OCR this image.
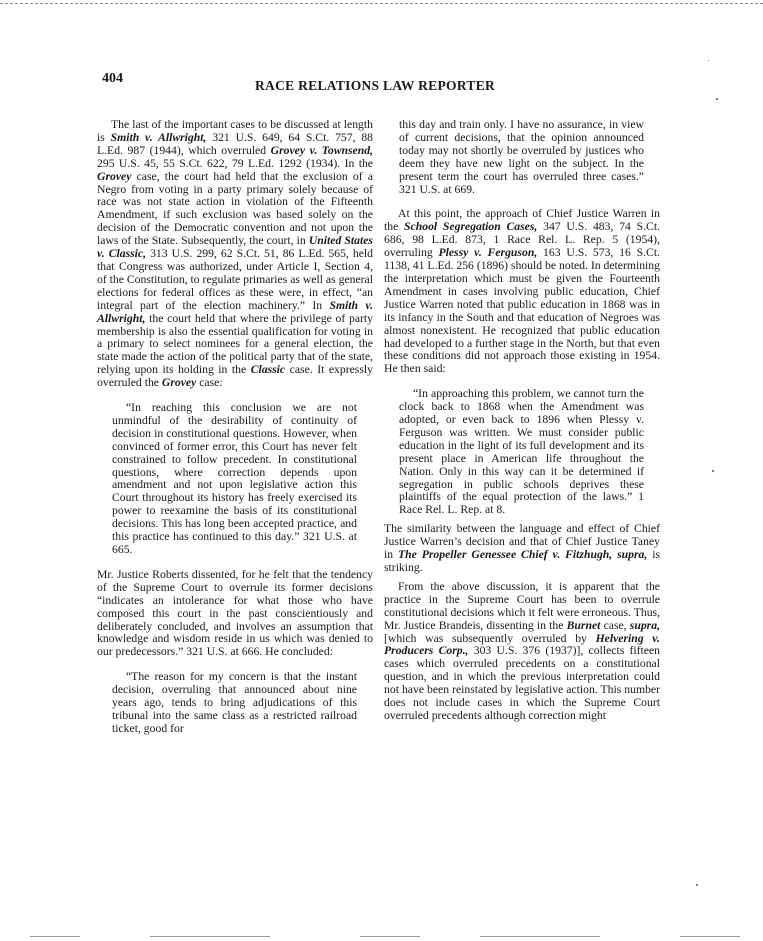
404	RACE RELATIONS LAW REPORTER

The last of the important cases to be discussed at length is Smith v. Allwright, 321 U.S. 649, 64 S.Ct. 757, 88 L.Ed. 987 (1944), which overruled Grovey v. Townsend, 295 U.S. 45, 55 S.Ct. 622, 79 L.Ed. 1292 (1934). In the Grovey case, the court had held that the exclusion of a Negro from voting in a party primary solely because of race was not state action in violation of the Fifteenth Amendment, if such exclusion was based solely on the decision of the Democratic convention and not upon the laws of the State. Subsequently, the court, in United States v. Classic, 313 U.S. 299, 62 S.Ct. 51, 86 L.Ed. 565, held that Congress was authorized, under Article I, Section 4, of the Constitution, to regulate primaries as well as general elections for federal offices as these were, in effect, “an integral part of the election machinery.” In Smith v. Allwright, the court held that where the privilege of party membership is also the essential qualification for voting in a primary to select nominees for a general election, the state made the action of the political party that of the state, relying upon its holding in the Classic case. It expressly overruled the Grovey case:

“In reaching this conclusion we are not unmindful of the desirability of continuity of decision in constitutional questions. However, when convinced of former error, this Court has never felt constrained to follow precedent. In constitutional questions, where correction depends upon amendment and not upon legislative action this Court throughout its history has freely exercised its power to reexamine the basis of its constitutional decisions. This has long been accepted practice, and this practice has continued to this day.” 321 U.S. at 665.

Mr. Justice Roberts dissented, for he felt that the tendency of the Supreme Court to overrule its former decisions “indicates an intolerance for what those who have composed this court in the past conscientiously and deliberately concluded, and involves an assumption that knowledge and wisdom reside in us which was denied to our predecessors.” 321 U.S. at 666. He concluded:

“The reason for my concern is that the instant decision, overruling that announced about nine years ago, tends to bring adjudications of this tribunal into the same class as a restricted railroad ticket, good for

this day and train only. I have no assurance, in view of current decisions, that the opinion announced today may not shortly be overruled by justices who deem they have new light on the subject. In the present term the court has overruled three cases.” 321 U.S. at 669.

At this point, the approach of Chief Justice Warren in the School Segregation Cases, 347 U.S. 483, 74 S.Ct. 686, 98 L.Ed. 873, 1 Race Rel. L. Rep. 5 (1954), overruling Plessy v. Ferguson, 163 U.S. 573, 16 S.Ct. 1138, 41 L.Ed. 256 (1896) should be noted. In determining the interpretation which must be given the Fourteenth Amendment in cases involving public education, Chief Justice Warren noted that public education in 1868 was in its infancy in the South and that education of Negroes was almost nonexistent. He recognized that public education had developed to a further stage in the North, but that even these conditions did not approach those existing in 1954. He then said:

“In approaching this problem, we cannot turn the clock back to 1868 when the Amendment was adopted, or even back to 1896 when Plessy v. Ferguson was written. We must consider public education in the light of its full development and its present place in American life throughout the Nation. Only in this way can it be determined if segregation in public schools deprives these plaintiffs of the equal protection of the laws.” 1 Race Rel. L. Rep. at 8.

The similarity between the language and effect of Chief Justice Warren’s decision and that of Chief Justice Taney in The Propeller Genessee Chief v. Fitzhugh, supra, is striking.

From the above discussion, it is apparent that the practice in the Supreme Court has been to overrule constitutional decisions which it felt were erroneous. Thus, Mr. Justice Brandeis, dissenting in the Burnet case, supra, [which was subsequently overruled by Helvering v. Producers Corp., 303 U.S. 376 (1937)], collects fifteen cases which overruled precedents on a constitutional question, and in which the previous interpretation could not have been reinstated by legislative action. This number does not include cases in which the Supreme Court overruled precedents although correction might
